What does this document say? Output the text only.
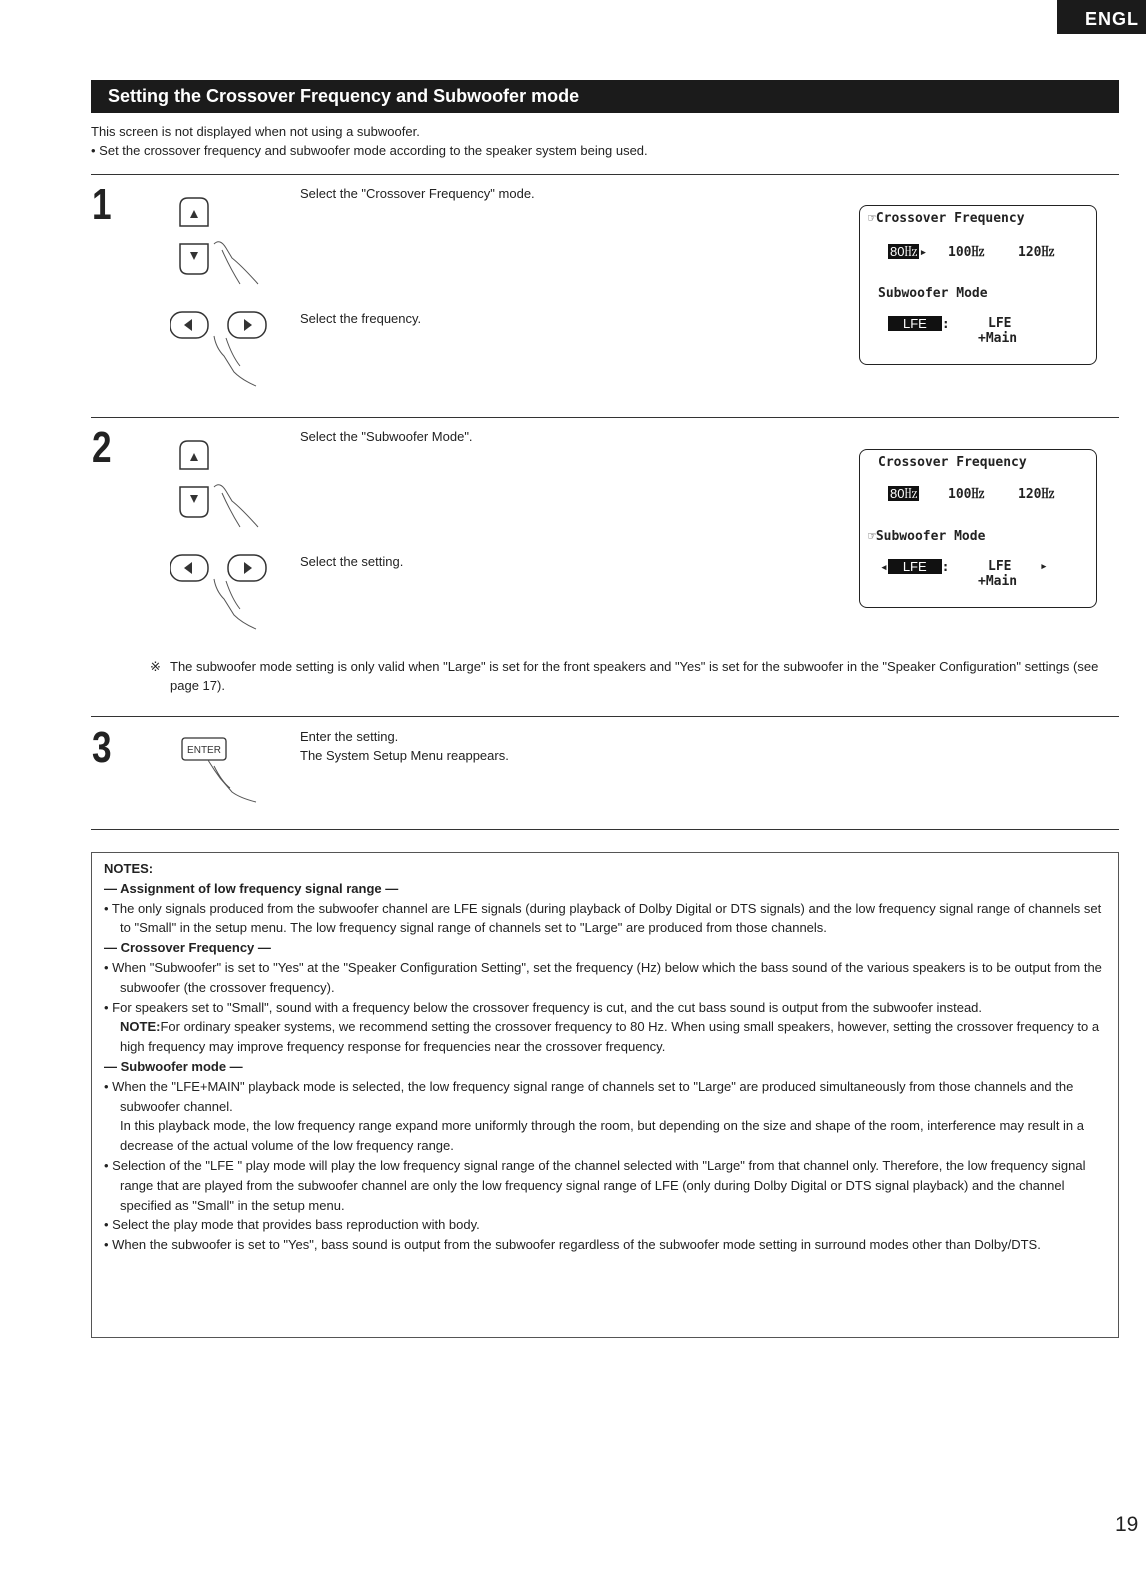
ENGL
Setting the Crossover Frequency and Subwoofer mode
This screen is not displayed when not using a subwoofer.
• Set the crossover frequency and subwoofer mode according to the speaker system being used.
1	Select the "Crossover Frequency" mode.
Select the frequency.
☞Crossover Frequency
80㎐ ▸ 100㎐	120㎐
Subwoofer Mode
LFE :	LFE
+Main
2	Select the "Subwoofer Mode".
Select the setting.
Crossover Frequency
80㎐ 100㎐	120㎐
☞Subwoofer Mode
◂ LFE :	LFE ▸
+Main
※ The subwoofer mode setting is only valid when "Large" is set for the front speakers and "Yes" is set for the subwoofer in the "Speaker Configuration" settings (see page 17).
3	Enter the setting.
The System Setup Menu reappears.
ENTER
NOTES:
— Assignment of low frequency signal range —
• The only signals produced from the subwoofer channel are LFE signals (during playback of Dolby Digital or DTS signals) and the low frequency signal range of channels set to "Small" in the setup menu. The low frequency signal range of channels set to "Large" are produced from those channels.
— Crossover Frequency —
• When "Subwoofer" is set to "Yes" at the "Speaker Configuration Setting", set the frequency (Hz) below which the bass sound of the various speakers is to be output from the subwoofer (the crossover frequency).
• For speakers set to "Small", sound with a frequency below the crossover frequency is cut, and the cut bass sound is output from the subwoofer instead.
NOTE:For ordinary speaker systems, we recommend setting the crossover frequency to 80 Hz. When using small speakers, however, setting the crossover frequency to a high frequency may improve frequency response for frequencies near the crossover frequency.
— Subwoofer mode —
• When the "LFE+MAIN" playback mode is selected, the low frequency signal range of channels set to "Large" are produced simultaneously from those channels and the subwoofer channel.
In this playback mode, the low frequency range expand more uniformly through the room, but depending on the size and shape of the room, interference may result in a decrease of the actual volume of the low frequency range.
• Selection of the "LFE " play mode will play the low frequency signal range of the channel selected with "Large" from that channel only. Therefore, the low frequency signal range that are played from the subwoofer channel are only the low frequency signal range of LFE (only during Dolby Digital or DTS signal playback) and the channel specified as "Small" in the setup menu.
• Select the play mode that provides bass reproduction with body.
• When the subwoofer is set to "Yes", bass sound is output from the subwoofer regardless of the subwoofer mode setting in surround modes other than Dolby/DTS.
19
